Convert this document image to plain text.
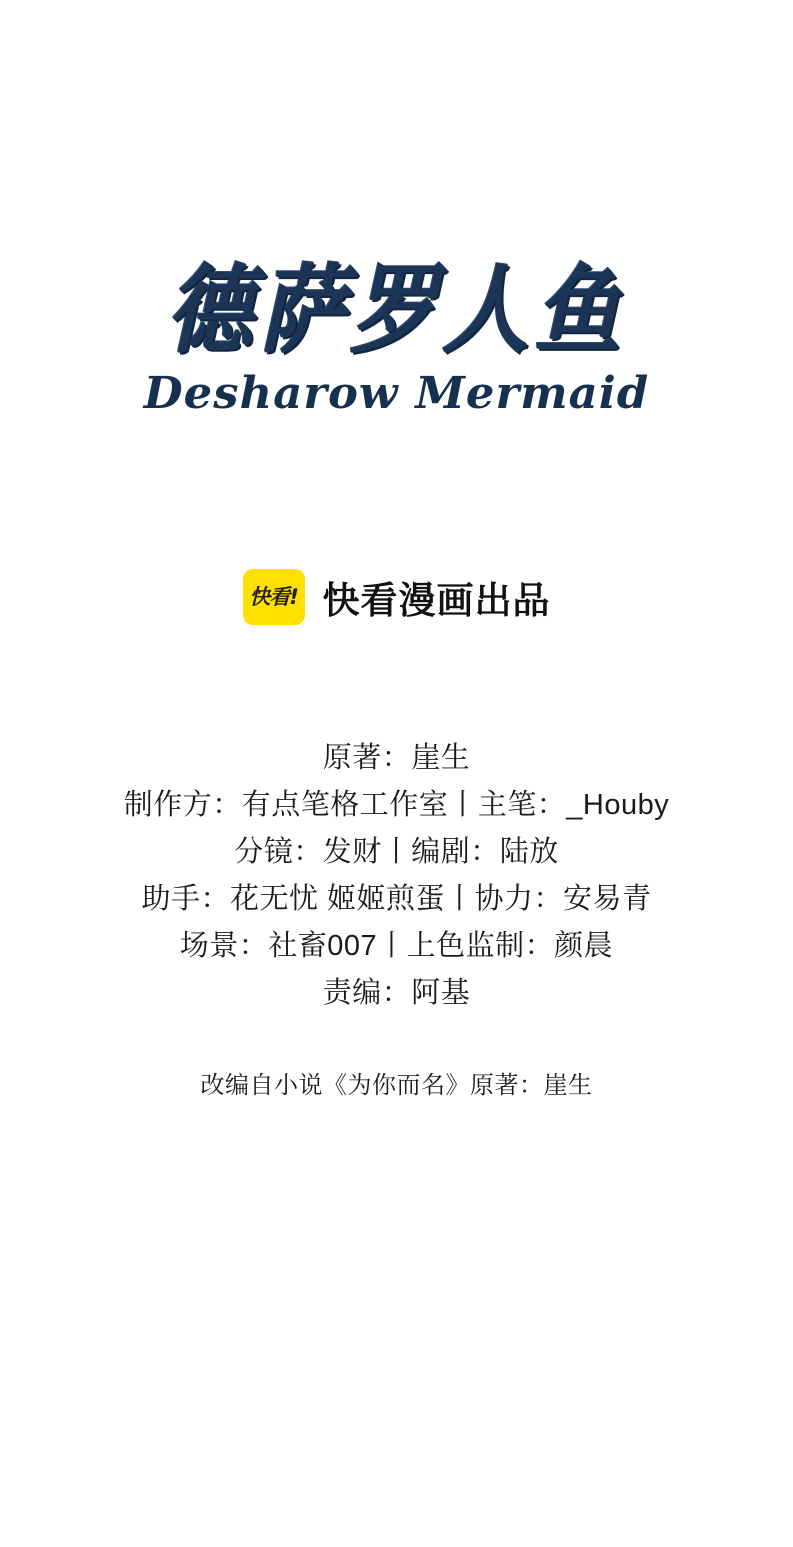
德萨罗人鱼
Desharow Mermaid
快看! 快看漫画出品
原著：崖生
制作方：有点笔格工作室丨主笔：_Houby
分镜：发财丨编剧：陆放
助手：花无忧 姬姬煎蛋丨协力：安易青
场景：社畜007丨上色监制：颜晨
责编：阿基
改编自小说《为你而名》原著：崖生
